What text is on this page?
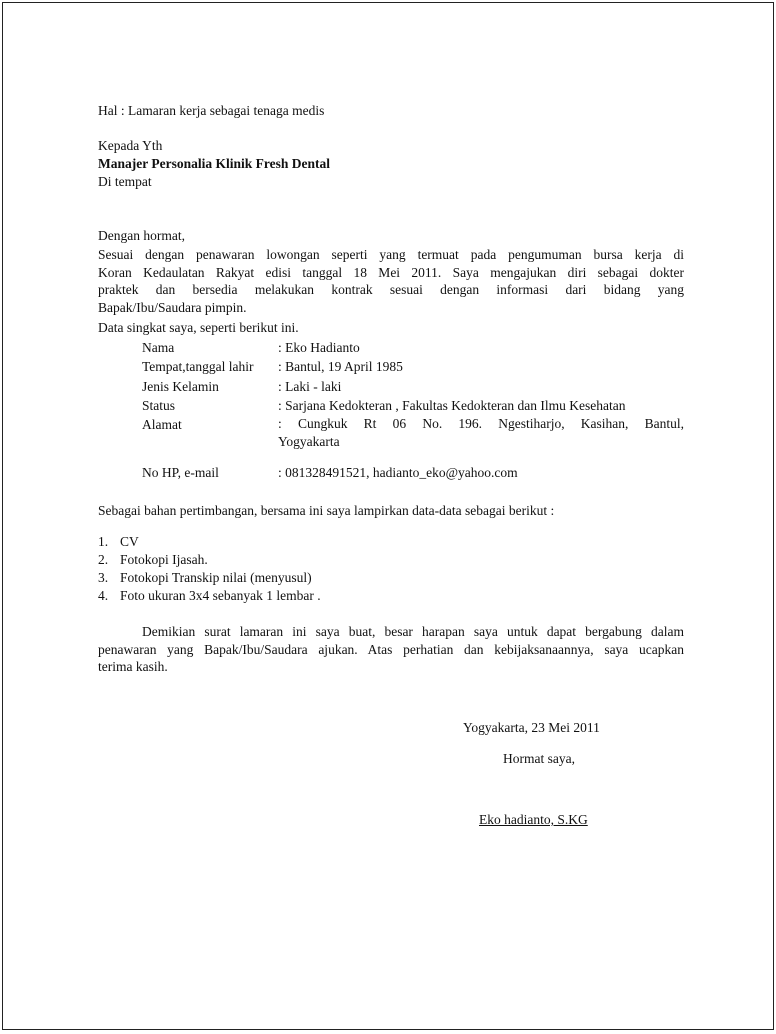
Hal : Lamaran kerja sebagai tenaga medis
Kepada Yth
Manajer Personalia Klinik Fresh Dental
Di tempat
Dengan hormat,
Sesuai dengan penawaran lowongan seperti yang termuat pada pengumuman bursa kerja di
Koran Kedaulatan Rakyat edisi tanggal 18 Mei 2011. Saya mengajukan diri sebagai dokter
praktek dan bersedia melakukan kontrak sesuai dengan informasi dari bidang yang
Bapak/Ibu/Saudara pimpin.
Data singkat saya, seperti berikut ini.
Nama	: Eko Hadianto
Tempat,tanggal lahir : Bantul, 19 April 1985
Jenis Kelamin	: Laki - laki
Status	: Sarjana Kedokteran , Fakultas Kedokteran dan Ilmu Kesehatan
Alamat	: Cungkuk Rt 06 No. 196. Ngestiharjo, Kasihan, Bantul,
Yogyakarta
No HP, e-mail	: 081328491521, hadianto_eko@yahoo.com
Sebagai bahan pertimbangan, bersama ini saya lampirkan data-data sebagai berikut :
1. CV
2. Fotokopi Ijasah.
3. Fotokopi Transkip nilai (menyusul)
4. Foto ukuran 3x4 sebanyak 1 lembar .
Demikian surat lamaran ini saya buat, besar harapan saya untuk dapat bergabung dalam
penawaran yang Bapak/Ibu/Saudara ajukan. Atas perhatian dan kebijaksanaannya, saya ucapkan
terima kasih.
Yogyakarta, 23 Mei 2011
Hormat saya,
Eko hadianto, S.KG
